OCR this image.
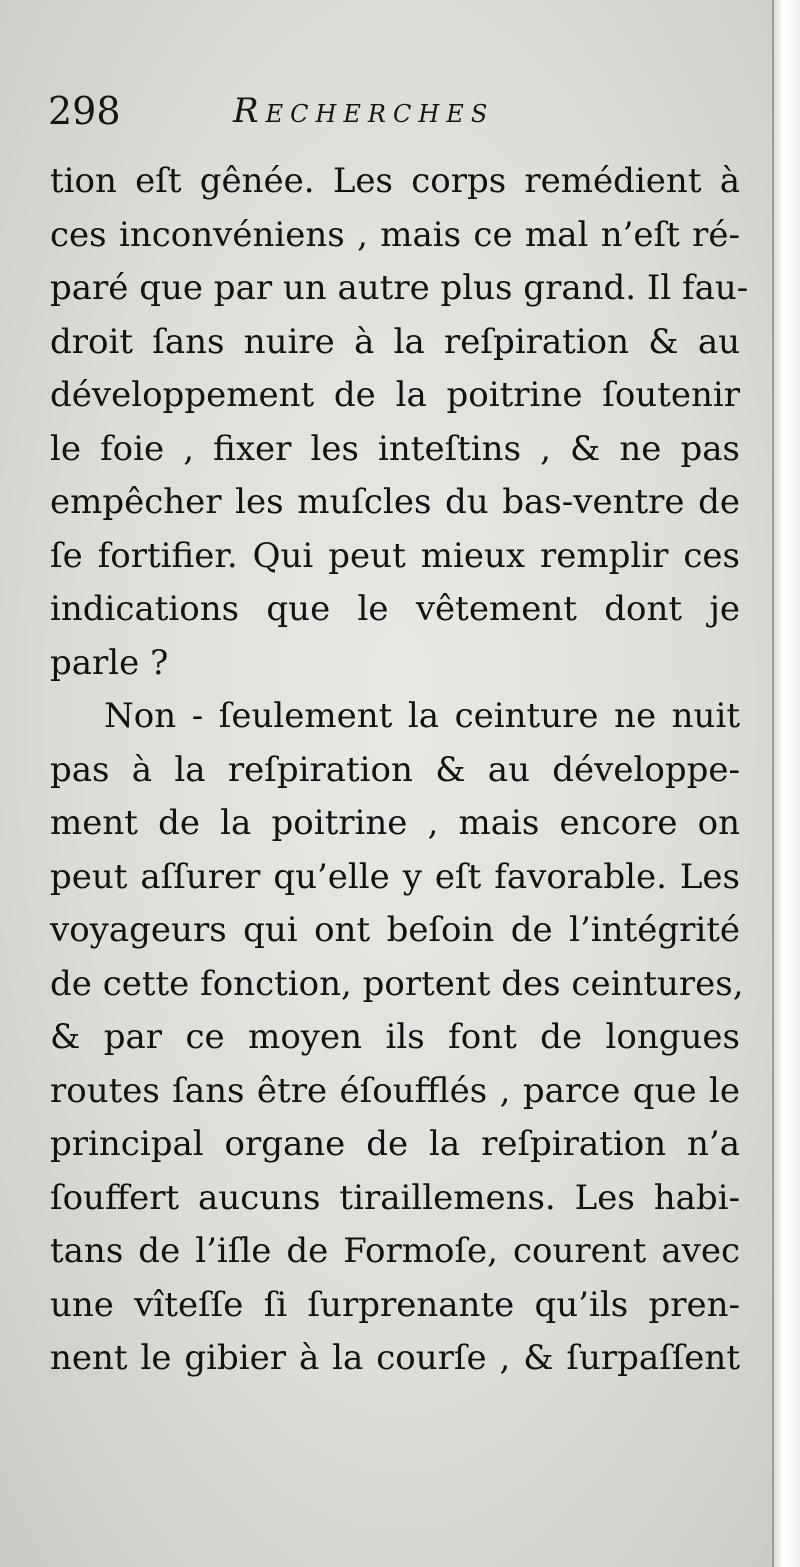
298	Recherches
tion eſt gênée. Les corps remédient à
ces inconvéniens , mais ce mal n’eſt ré-
paré que par un autre plus grand. Il fau-
droit ſans nuire à la reſpiration & au
développement de la poitrine ſoutenir
le foie , fixer les inteſtins , & ne pas
empêcher les muſcles du bas-ventre de
ſe fortifier. Qui peut mieux remplir ces
indications que le vêtement dont je
parle ?
Non - ſeulement la ceinture ne nuit
pas à la reſpiration & au développe-
ment de la poitrine , mais encore on
peut aſſurer qu’elle y eſt favorable. Les
voyageurs qui ont beſoin de l’intégrité
de cette fonction, portent des ceintures,
& par ce moyen ils font de longues
routes ſans être éſoufflés , parce que le
principal organe de la reſpiration n’a
ſouffert aucuns tiraillemens. Les habi-
tans de l’iſle de Formoſe, courent avec
une vîteſſe ſi ſurprenante qu’ils pren-
nent le gibier à la courſe , & ſurpaſſent
